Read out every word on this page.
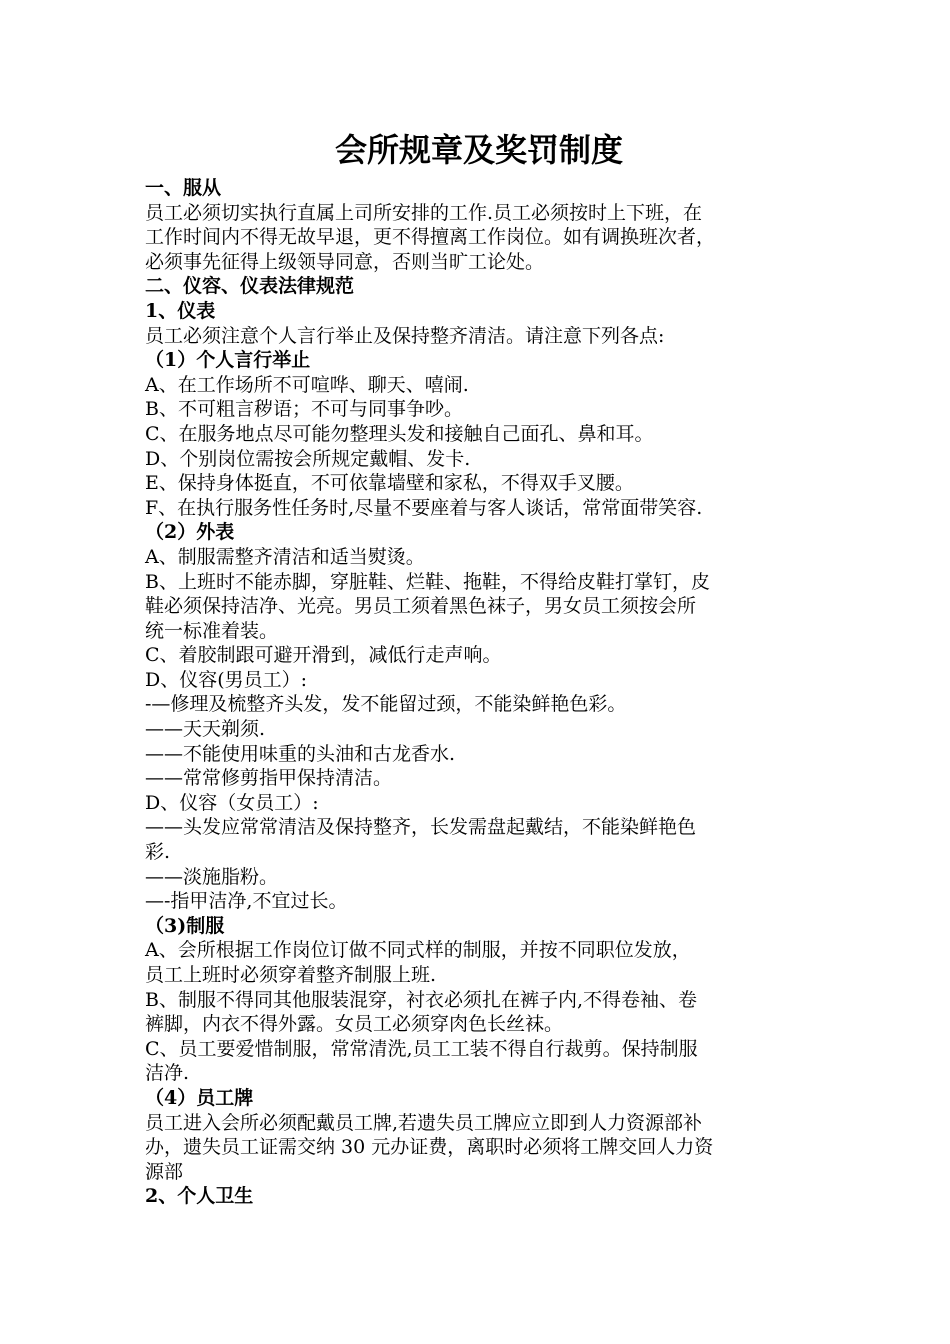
会所规章及奖罚制度
一、服从
员工必须切实执行直属上司所安排的工作.员工必须按时上下班，在
工作时间内不得无故早退，更不得擅离工作岗位。如有调换班次者，
必须事先征得上级领导同意，否则当旷工论处。
二、仪容、仪表法律规范
1、仪表
员工必须注意个人言行举止及保持整齐清洁。请注意下列各点:
（1）个人言行举止
A、在工作场所不可喧哗、聊天、嘻闹.
B、不可粗言秽语；不可与同事争吵。
C、在服务地点尽可能勿整理头发和接触自己面孔、鼻和耳。
D、个别岗位需按会所规定戴帽、发卡.
E、保持身体挺直，不可依靠墙壁和家私，不得双手叉腰。
F、在执行服务性任务时,尽量不要座着与客人谈话，常常面带笑容.
（2）外表
A、制服需整齐清洁和适当熨烫。
B、上班时不能赤脚，穿脏鞋、烂鞋、拖鞋，不得给皮鞋打掌钉，皮
鞋必须保持洁净、光亮。男员工须着黑色袜子，男女员工须按会所
统一标准着装。
C、着胶制跟可避开滑到，减低行走声响。
D、仪容(男员工）:
-—修理及梳整齐头发，发不能留过颈，不能染鲜艳色彩。
——天天剃须.
——不能使用味重的头油和古龙香水.
——常常修剪指甲保持清洁。
D、仪容（女员工）:
——头发应常常清洁及保持整齐，长发需盘起戴结，不能染鲜艳色
彩.
——淡施脂粉。
—-指甲洁净,不宜过长。
（3)制服
A、会所根据工作岗位订做不同式样的制服，并按不同职位发放，
员工上班时必须穿着整齐制服上班.
B、制服不得同其他服装混穿，衬衣必须扎在裤子内,不得卷袖、卷
裤脚，内衣不得外露。女员工必须穿肉色长丝袜。
C、员工要爱惜制服，常常清洗,员工工装不得自行裁剪。保持制服
洁净.
（4）员工牌
员工进入会所必须配戴员工牌,若遗失员工牌应立即到人力资源部补
办，遗失员工证需交纳 30 元办证费，离职时必须将工牌交回人力资
源部
2、个人卫生
